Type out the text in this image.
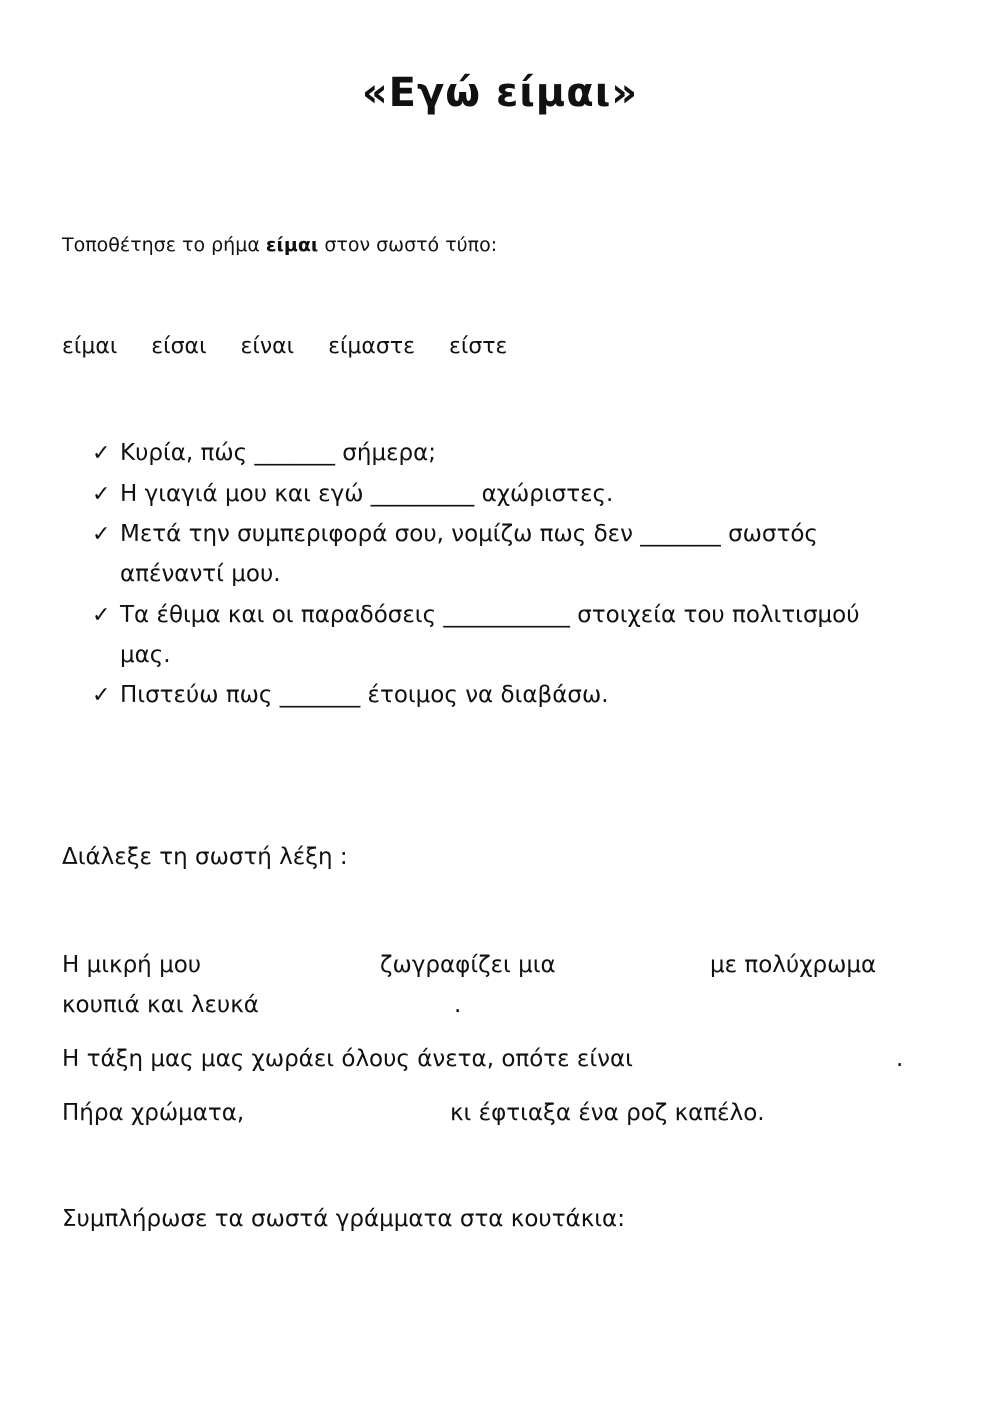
«Εγώ είμαι»
Τοποθέτησε το ρήμα είμαι στον σωστό τύπο:
είμαι είσαι είναι είμαστε είστε
✓ Κυρία, πώς _______ σήμερα;
✓ Η γιαγιά μου και εγώ _________ αχώριστες.
✓ Μετά την συμπεριφορά σου, νομίζω πως δεν _______ σωστός
απέναντί μου.
✓ Τα έθιμα και οι παραδόσεις ___________ στοιχεία του πολιτισμού
μας.
✓ Πιστεύω πως _______ έτοιμος να διαβάσω.
Διάλεξε τη σωστή λέξη :
Η μικρή μου	ζωγραφίζει μια	με πολύχρωμα
κουπιά και λευκά	.
Η τάξη μας μας χωράει όλους άνετα, οπότε είναι	.
Πήρα χρώματα,	κι έφτιαξα ένα ροζ καπέλο.
Συμπλήρωσε τα σωστά γράμματα στα κουτάκια:
